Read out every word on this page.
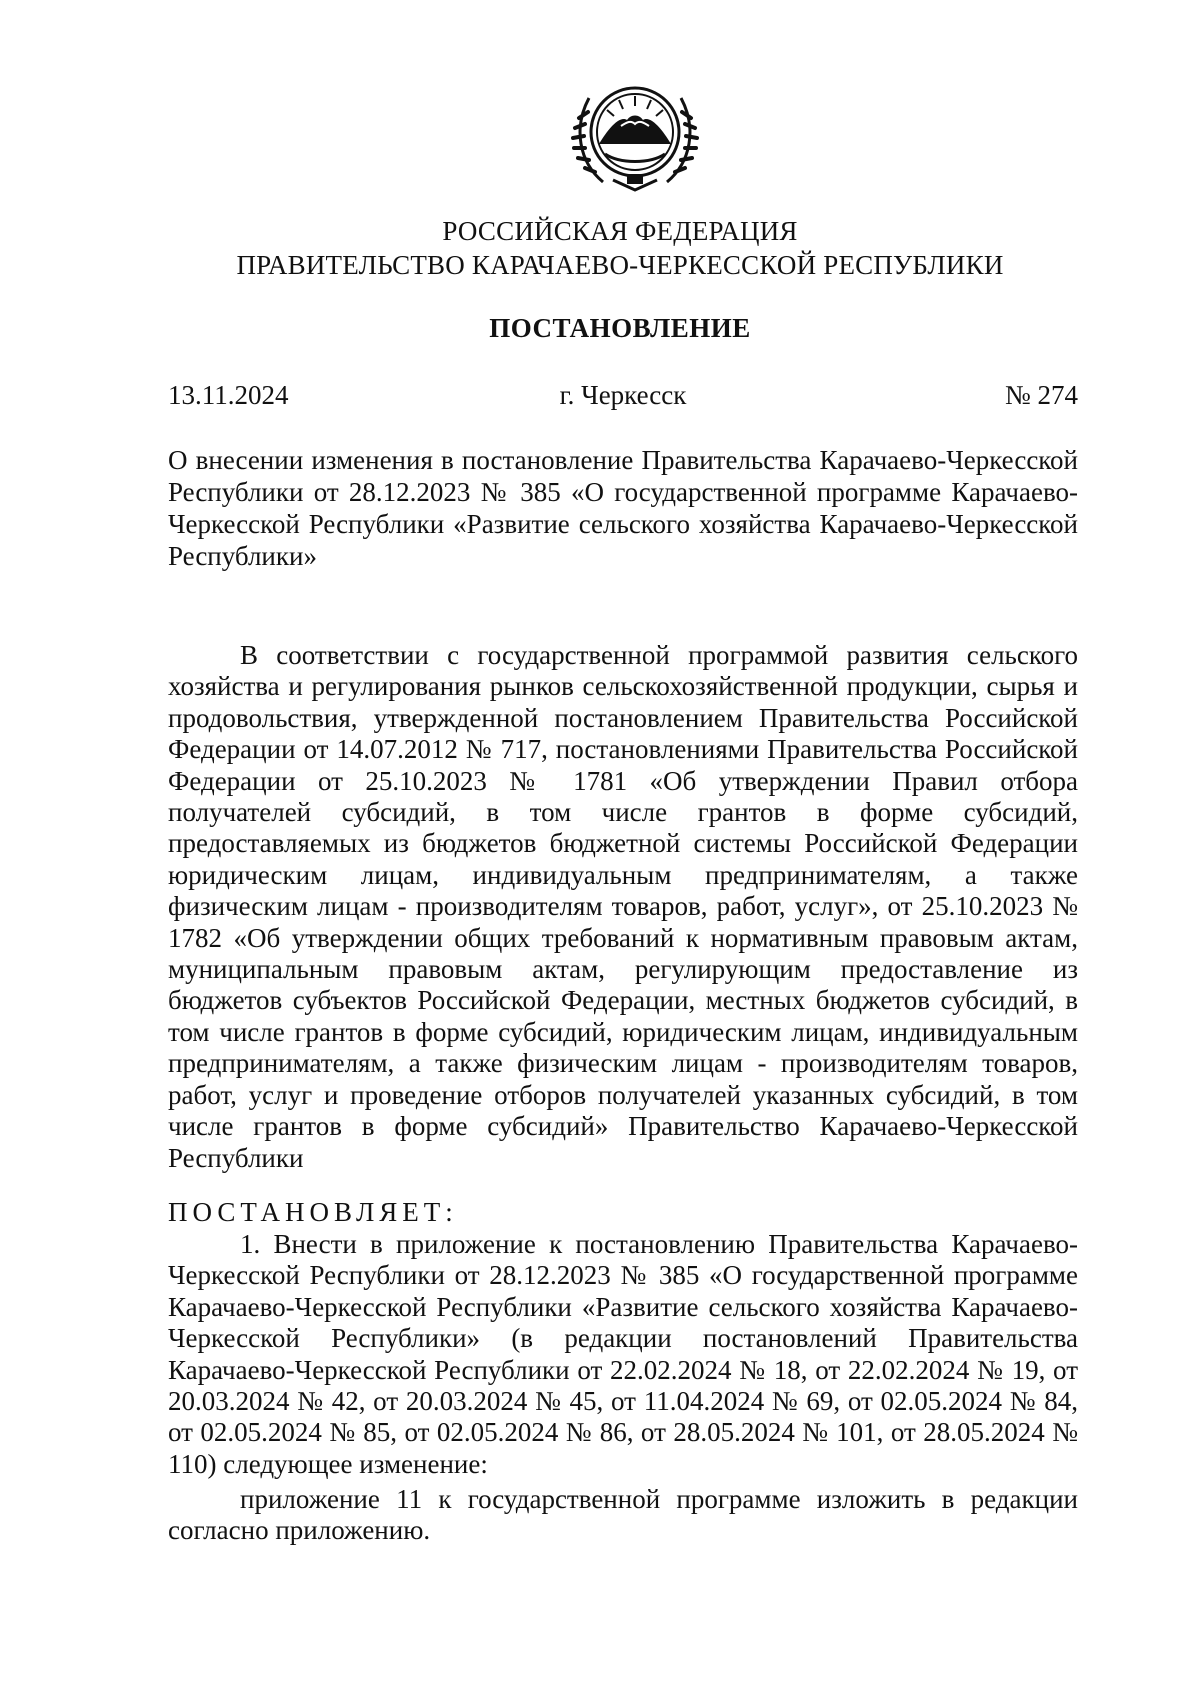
РОССИЙСКАЯ ФЕДЕРАЦИЯ
ПРАВИТЕЛЬСТВО КАРАЧАЕВО-ЧЕРКЕССКОЙ РЕСПУБЛИКИ
ПОСТАНОВЛЕНИЕ
г. Черкесск
13.11.2024	№ 274
О внесении изменения в постановление Правительства Карачаево-Черкесской Республики от 28.12.2023 № 385 «О государственной программе Карачаево-Черкесской Республики «Развитие сельского хозяйства Карачаево-Черкесской Республики»
В соответствии с государственной программой развития сельского хозяйства и регулирования рынков сельскохозяйственной продукции, сырья и продовольствия, утвержденной постановлением Правительства Российской Федерации от 14.07.2012 № 717, постановлениями Правительства Российской Федерации от 25.10.2023 № 1781 «Об утверждении Правил отбора получателей субсидий, в том числе грантов в форме субсидий, предоставляемых из бюджетов бюджетной системы Российской Федерации юридическим лицам, индивидуальным предпринимателям, а также физическим лицам - производителям товаров, работ, услуг», от 25.10.2023 № 1782 «Об утверждении общих требований к нормативным правовым актам, муниципальным правовым актам, регулирующим предоставление из бюджетов субъектов Российской Федерации, местных бюджетов субсидий, в том числе грантов в форме субсидий, юридическим лицам, индивидуальным предпринимателям, а также физическим лицам - производителям товаров, работ, услуг и проведение отборов получателей указанных субсидий, в том числе грантов в форме субсидий» Правительство Карачаево-Черкесской Республики
ПОСТАНОВЛЯЕТ:
1. Внести в приложение к постановлению Правительства Карачаево-Черкесской Республики от 28.12.2023 № 385 «О государственной программе Карачаево-Черкесской Республики «Развитие сельского хозяйства Карачаево-Черкесской Республики» (в редакции постановлений Правительства Карачаево-Черкесской Республики от 22.02.2024 № 18, от 22.02.2024 № 19, от 20.03.2024 № 42, от 20.03.2024 № 45, от 11.04.2024 № 69, от 02.05.2024 № 84, от 02.05.2024 № 85, от 02.05.2024 № 86, от 28.05.2024 № 101, от 28.05.2024 № 110) следующее изменение:
приложение 11 к государственной программе изложить в редакции согласно приложению.
